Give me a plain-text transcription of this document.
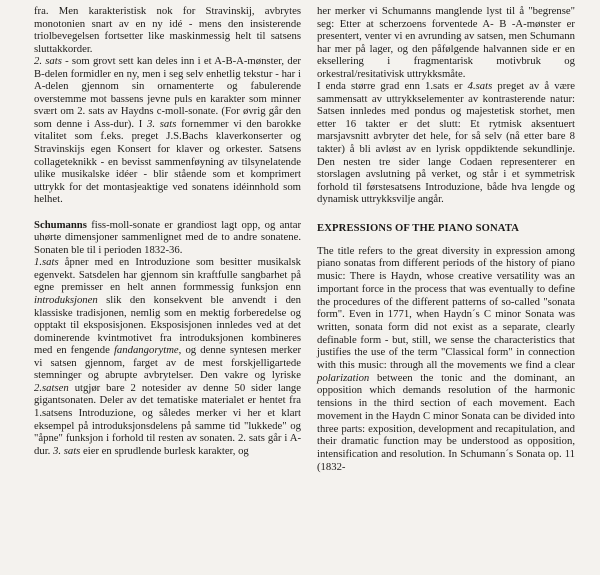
fra. Men karakteristisk nok for Stravinskij, avbrytes monotonien snart av en ny idé - mens den insisterende triolbevegelsen fortsetter like maskinmessig helt til satsens sluttakkorder.

2. sats - som grovt sett kan deles inn i et A-B-A-mønster, der B-delen formidler en ny, men i seg selv enhetlig tekstur - har i A-delen gjennom sin ornamenterte og fabulerende overstemme mot bassens jevne puls en karakter som minner svært om 2. sats av Haydns c-moll-sonate. (For øvrig går den som denne i Ass-dur). I 3. sats fornemmer vi den barokke vitalitet som f.eks. preget J.S.Bachs klaverkonserter og Stravinskijs egen Konsert for klaver og orkester. Satsens collageteknikk - en bevisst sammenføyning av tilsynelatende ulike musikalske idéer - blir stående som et komprimert uttrykk for det montasjeaktige ved sonatens idéinnhold som helhet.

Schumanns fiss-moll-sonate er grandiost lagt opp, og antar uhørte dimensjoner sammenlignet med de to andre sonatene. Sonaten ble til i perioden 1832-36.

1.sats åpner med en Introduzione som besitter musikalsk egenvekt. Satsdelen har gjennom sin kraftfulle sangbarhet på egne premisser en helt annen formmessig funksjon enn introduksjonen slik den konsekvent ble anvendt i den klassiske tradisjonen, nemlig som en mektig forberedelse og opptakt til eksposisjonen. Eksposisjonen innledes ved at det dominerende kvintmotivet fra introduksjonen kombineres med en fengende fandangorytme, og denne syntesen merker vi satsen gjennom, farget av de mest forskjelligartede stemninger og abrupte avbrytelser. Den vakre og lyriske 2.satsen utgjør bare 2 notesider av denne 50 sider lange gigantsonaten. Deler av det tematiske materialet er hentet fra 1.satsens Introduzione, og således merker vi her et klart eksempel på introduksjonsdelens på samme tid "lukkede" og "åpne" funksjon i forhold til resten av sonaten. 2. sats går i A-dur. 3. sats eier en sprudlende burlesk karakter, og

her merker vi Schumanns manglende lyst til å "begrense" seg: Etter at scherzoens forventede A- B -A-mønster er presentert, venter vi en avrunding av satsen, men Schumann har mer på lager, og den påfølgende halvannen side er en eksellering i fragmentarisk motivbruk og orkestral/resitativisk uttrykksmåte.

I enda større grad enn 1.sats er 4.sats preget av å være sammensatt av uttrykkselementer av kontrasterende natur: Satsen innledes med pondus og majestetisk storhet, men etter 16 takter er det slutt: Et rytmisk aksentuert marsjavsnitt avbryter det hele, for så selv (nå etter bare 8 takter) å bli avløst av en lyrisk oppdiktende sekundlinje. Den nesten tre sider lange Codaen representerer en storslagen avslutning på verket, og står i et symmetrisk forhold til førstesatsens Introduzione, både hva lengde og dynamisk uttrykksvilje angår.

EXPRESSIONS OF THE PIANO SONATA

The title refers to the great diversity in expression among piano sonatas from different periods of the history of piano music: There is Haydn, whose creative versatility was an important force in the process that was eventually to define the procedures of the different patterns of so-called "sonata form". Even in 1771, when Haydn´s C minor Sonata was written, sonata form did not exist as a separate, clearly definable form - but, still, we sense the characteristics that justifies the use of the term "Classical form" in connection with this music: through all the movements we find a clear polarization between the tonic and the dominant, an opposition which demands resolution of the harmonic tensions in the third section of each movement. Each movement in the Haydn C minor Sonata can be divided into three parts: exposition, development and recapitulation, and their dramatic function may be understood as opposition, intensification and resolution. In Schumann´s Sonata op. 11 (1832-
